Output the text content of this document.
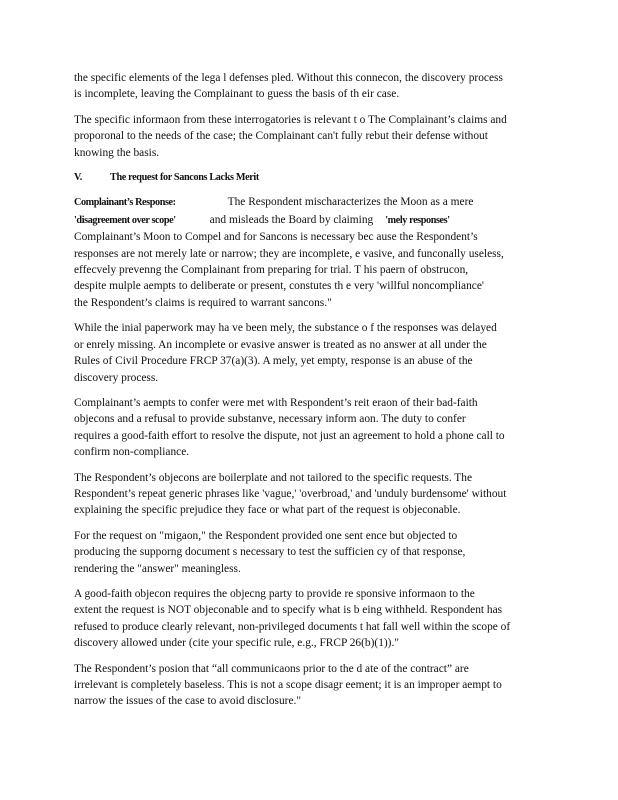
the specific elements of the lega l defenses pled. Without this connecon, the discovery process
is incomplete, leaving the Complainant to guess the basis of th eir case.

The specific informaon from these interrogatories is relevant t o The Complainant’s claims and
proporonal to the needs of the case; the Complainant can't fully rebut their defense without
knowing the basis.

V.	The request for Sancons Lacks Merit

Complainant’s Response:	The Respondent mischaracterizes the Moon as a mere
'disagreement over scope'	and misleads the Board by claiming 'mely responses'
Complainant’s Moon to Compel and for Sancons is necessary bec ause the Respondent’s
responses are not merely late or narrow; they are incomplete, e vasive, and funconally useless,
effecvely prevenng the Complainant from preparing for trial. T his paern of obstrucon,
despite mulple aempts to deliberate or present, constutes th e very 'willful noncompliance'
the Respondent’s claims is required to warrant sancons."

While the inial paperwork may ha ve been mely, the substance o f the responses was delayed
or enrely missing. An incomplete or evasive answer is treated as no answer at all under the
Rules of Civil Procedure FRCP 37(a)(3). A mely, yet empty, response is an abuse of the
discovery process.

Complainant’s aempts to confer were met with Respondent’s reit eraon of their bad-faith
objecons and a refusal to provide substanve, necessary inform aon. The duty to confer
requires a good-faith effort to resolve the dispute, not just an agreement to hold a phone call to
confirm non-compliance.

The Respondent’s objecons are boilerplate and not tailored to the specific requests. The
Respondent’s repeat generic phrases like 'vague,' 'overbroad,' and 'unduly burdensome' without
explaining the specific prejudice they face or what part of the request is objeconable.

For the request on "migaon," the Respondent provided one sent ence but objected to
producing the supporng document s necessary to test the sufficien cy of that response,
rendering the "answer" meaningless.

A good-faith objecon requires the objecng party to provide re sponsive informaon to the
extent the request is NOT objeconable and to specify what is b eing withheld. Respondent has
refused to produce clearly relevant, non-privileged documents t hat fall well within the scope of
discovery allowed under (cite your specific rule, e.g., FRCP 26(b)(1))."

The Respondent’s posion that “all communicaons prior to the d ate of the contract” are
irrelevant is completely baseless. This is not a scope disagr eement; it is an improper aempt to
narrow the issues of the case to avoid disclosure."
